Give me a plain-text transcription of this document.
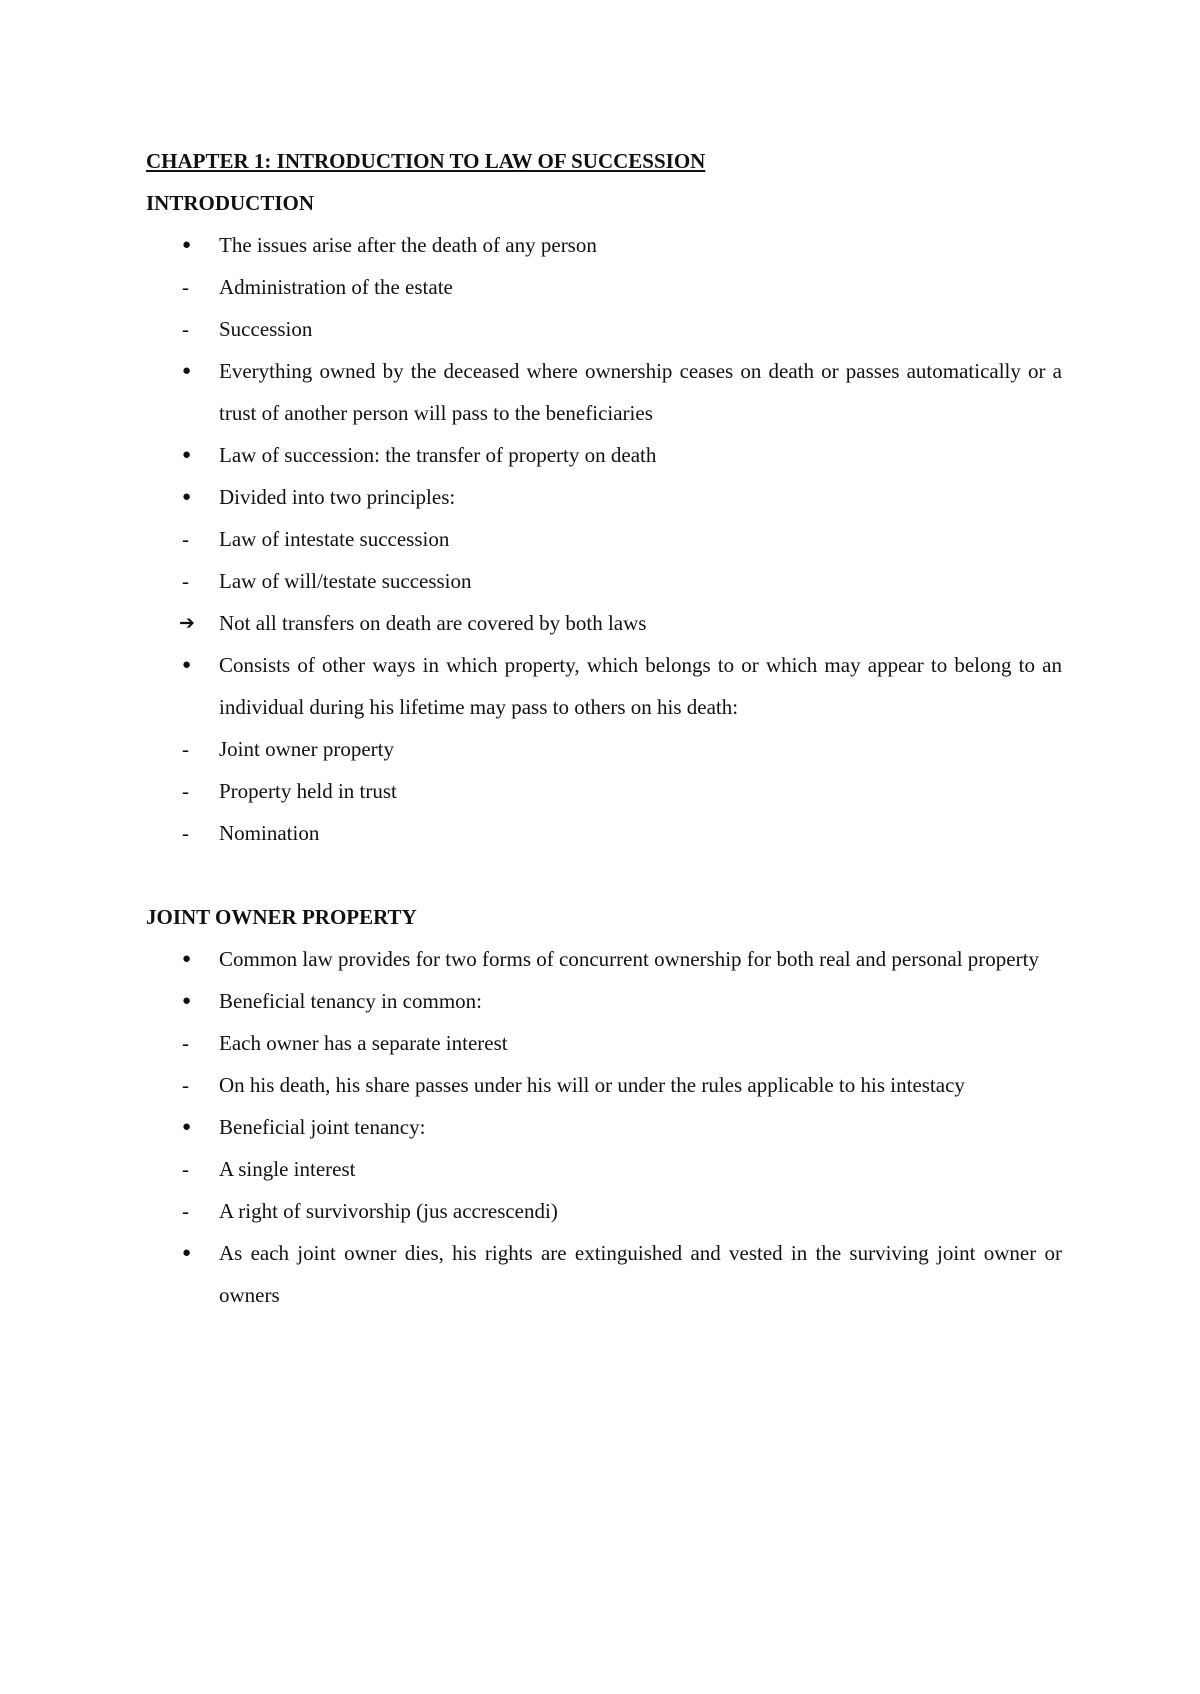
CHAPTER 1: INTRODUCTION TO LAW OF SUCCESSION
INTRODUCTION
●	The issues arise after the death of any person
-	Administration of the estate
-	Succession
●	Everything owned by the deceased where ownership ceases on death or passes automatically or a trust of another person will pass to the beneficiaries
●	Law of succession: the transfer of property on death
●	Divided into two principles:
-	Law of intestate succession
-	Law of will/testate succession
➔	Not all transfers on death are covered by both laws
●	Consists of other ways in which property, which belongs to or which may appear to belong to an individual during his lifetime may pass to others on his death:
-	Joint owner property
-	Property held in trust
-	Nomination
JOINT OWNER PROPERTY
●	Common law provides for two forms of concurrent ownership for both real and personal property
●	Beneficial tenancy in common:
-	Each owner has a separate interest
-	On his death, his share passes under his will or under the rules applicable to his intestacy
●	Beneficial joint tenancy:
-	A single interest
-	A right of survivorship (jus accrescendi)
●	As each joint owner dies, his rights are extinguished and vested in the surviving joint owner or owners
